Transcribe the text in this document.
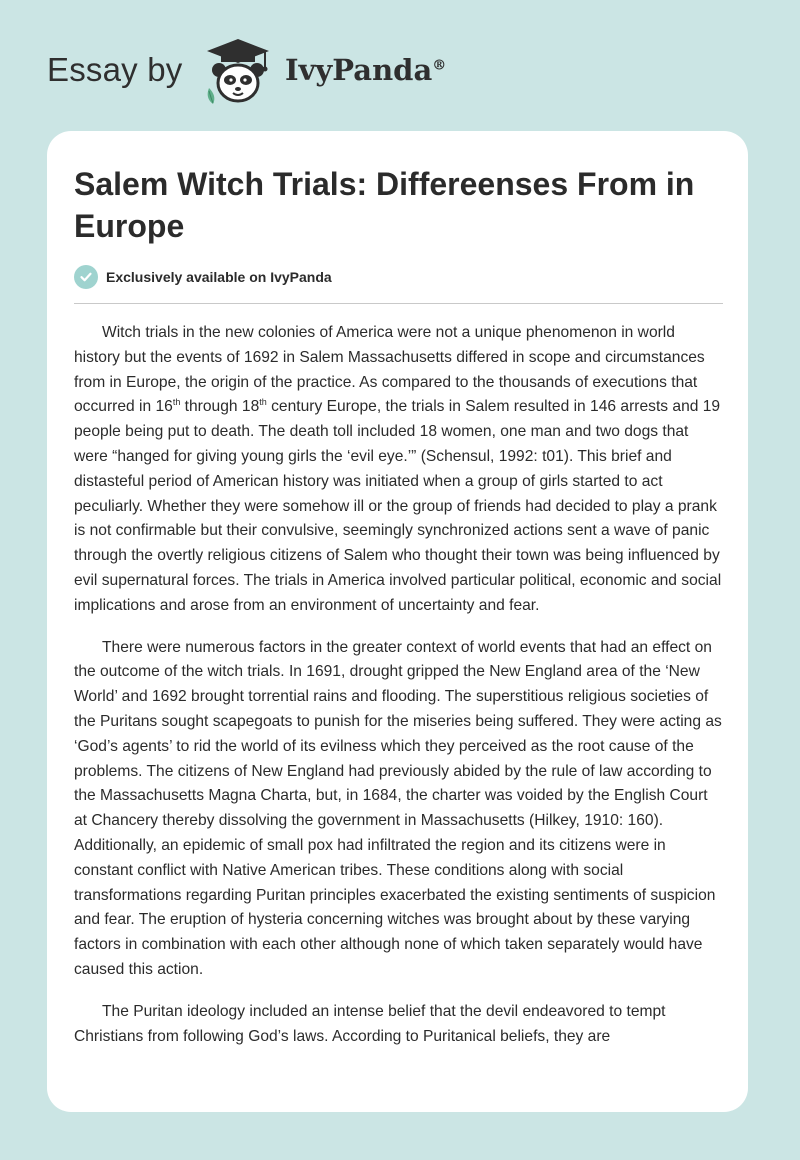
Essay by	IvyPanda®
Salem Witch Trials: Differeenses From in Europe
Exclusively available on IvyPanda

Witch trials in the new colonies of America were not a unique phenomenon in world history but the events of 1692 in Salem Massachusetts differed in scope and circumstances from in Europe, the origin of the practice. As compared to the thousands of executions that occurred in 16th through 18th century Europe, the trials in Salem resulted in 146 arrests and 19 people being put to death. The death toll included 18 women, one man and two dogs that were “hanged for giving young girls the ‘evil eye.’” (Schensul, 1992: t01). This brief and distasteful period of American history was initiated when a group of girls started to act peculiarly. Whether they were somehow ill or the group of friends had decided to play a prank is not confirmable but their convulsive, seemingly synchronized actions sent a wave of panic through the overtly religious citizens of Salem who thought their town was being influenced by evil supernatural forces. The trials in America involved particular political, economic and social implications and arose from an environment of uncertainty and fear.

There were numerous factors in the greater context of world events that had an effect on the outcome of the witch trials. In 1691, drought gripped the New England area of the ‘New World’ and 1692 brought torrential rains and flooding. The superstitious religious societies of the Puritans sought scapegoats to punish for the miseries being suffered. They were acting as ‘God’s agents’ to rid the world of its evilness which they perceived as the root cause of the problems. The citizens of New England had previously abided by the rule of law according to the Massachusetts Magna Charta, but, in 1684, the charter was voided by the English Court at Chancery thereby dissolving the government in Massachusetts (Hilkey, 1910: 160). Additionally, an epidemic of small pox had infiltrated the region and its citizens were in constant conflict with Native American tribes. These conditions along with social transformations regarding Puritan principles exacerbated the existing sentiments of suspicion and fear. The eruption of hysteria concerning witches was brought about by these varying factors in combination with each other although none of which taken separately would have caused this action.

The Puritan ideology included an intense belief that the devil endeavored to tempt Christians from following God’s laws. According to Puritanical beliefs, they are
